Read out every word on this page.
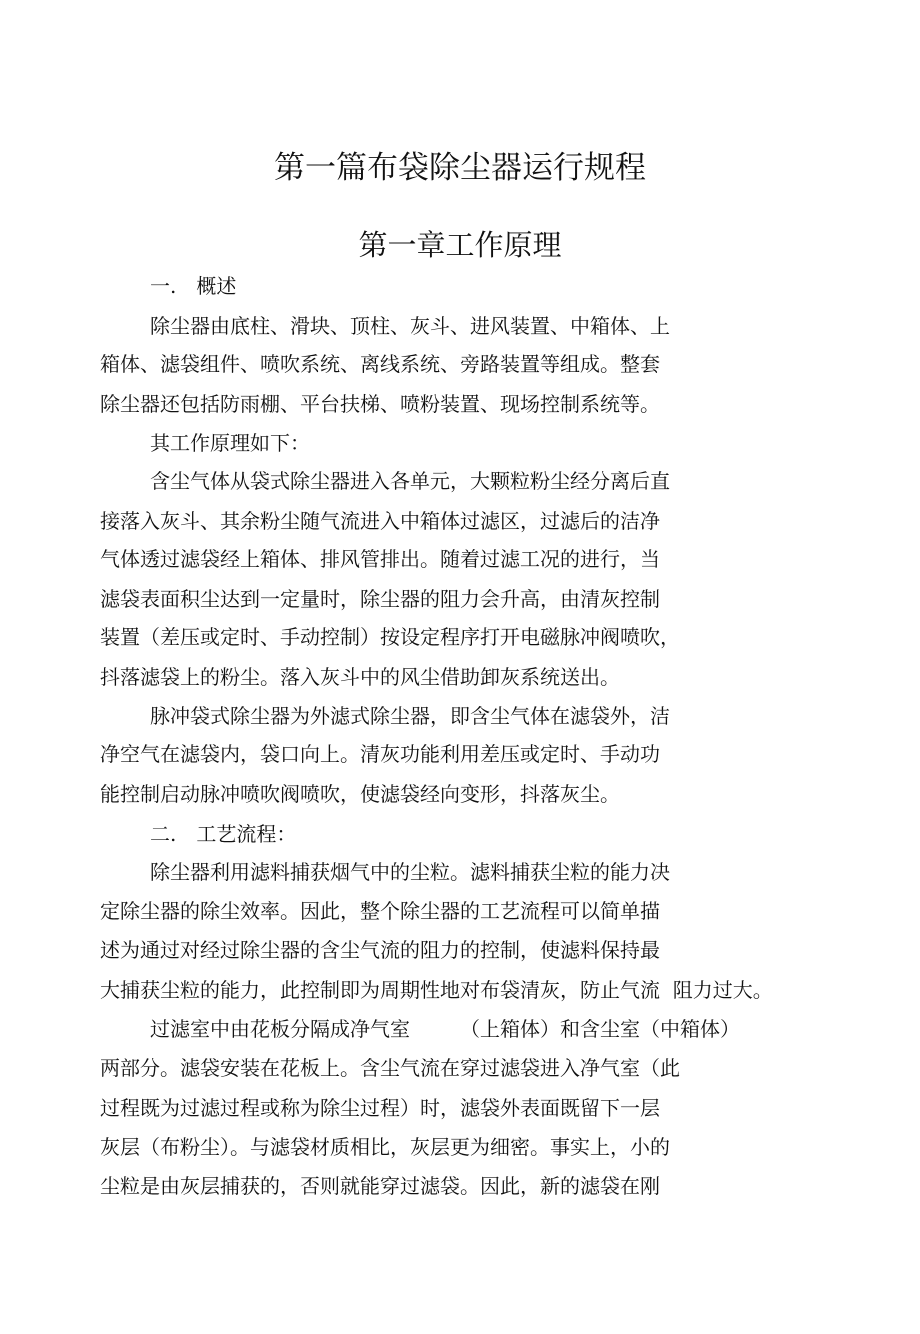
第一篇布袋除尘器运行规程
第一章工作原理
一.　概述
除尘器由底柱、滑块、顶柱、灰斗、进风装置、中箱体、上
箱体、滤袋组件、喷吹系统、离线系统、旁路装置等组成。整套
除尘器还包括防雨棚、平台扶梯、喷粉装置、现场控制系统等。
其工作原理如下：
含尘气体从袋式除尘器进入各单元，大颗粒粉尘经分离后直
接落入灰斗、其余粉尘随气流进入中箱体过滤区，过滤后的洁净
气体透过滤袋经上箱体、排风管排出。随着过滤工况的进行，当
滤袋表面积尘达到一定量时，除尘器的阻力会升高，由清灰控制
装置（差压或定时、手动控制）按设定程序打开电磁脉冲阀喷吹，
抖落滤袋上的粉尘。落入灰斗中的风尘借助卸灰系统送出。
脉冲袋式除尘器为外滤式除尘器，即含尘气体在滤袋外，洁
净空气在滤袋内，袋口向上。清灰功能利用差压或定时、手动功
能控制启动脉冲喷吹阀喷吹，使滤袋经向变形，抖落灰尘。
二.　工艺流程：
除尘器利用滤料捕获烟气中的尘粒。滤料捕获尘粒的能力决
定除尘器的除尘效率。因此，整个除尘器的工艺流程可以简单描
述为通过对经过除尘器的含尘气流的阻力的控制，使滤料保持最
大捕获尘粒的能力，此控制即为周期性地对布袋清灰，防止气流  阻力过大。
过滤室中由花板分隔成净气室　　　（上箱体）和含尘室（中箱体）
两部分。滤袋安装在花板上。含尘气流在穿过滤袋进入净气室（此
过程既为过滤过程或称为除尘过程）时，滤袋外表面既留下一层
灰层（布粉尘）。与滤袋材质相比，灰层更为细密。事实上，小的
尘粒是由灰层捕获的，否则就能穿过滤袋。因此，新的滤袋在刚
